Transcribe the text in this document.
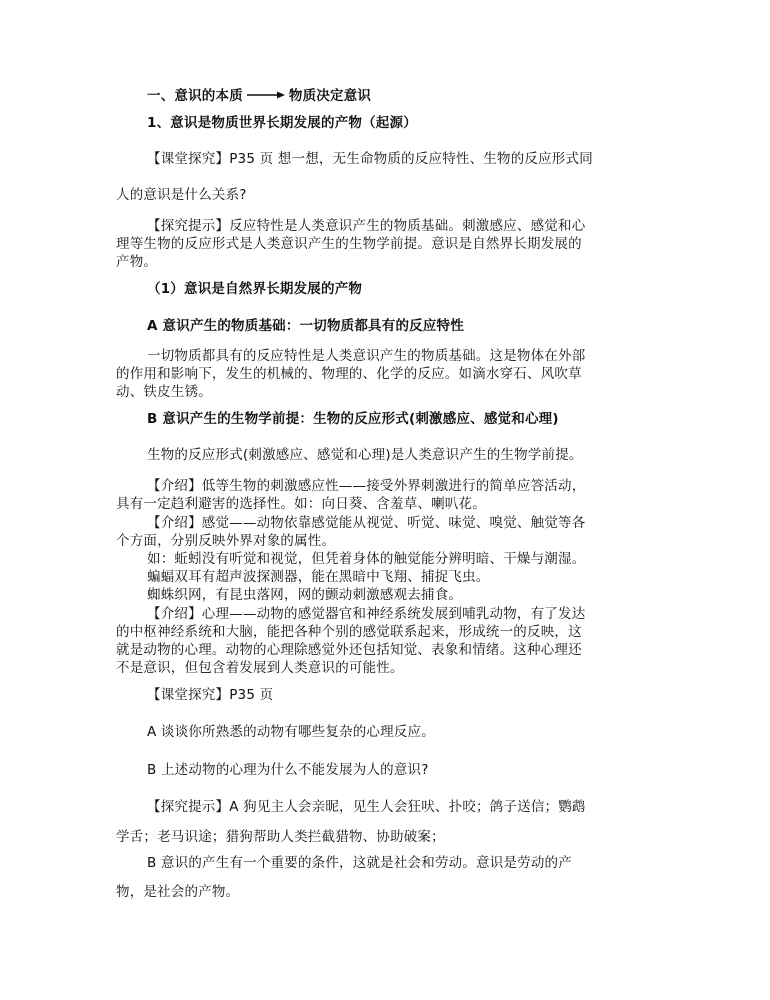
一、意识的本质	物质决定意识
1、意识是物质世界长期发展的产物（起源）
【课堂探究】P35 页 想一想，无生命物质的反应特性、生物的反应形式同
人的意识是什么关系?
【探究提示】反应特性是人类意识产生的物质基础。刺激感应、感觉和心
理等生物的反应形式是人类意识产生的生物学前提。意识是自然界长期发展的
产物。
（1）意识是自然界长期发展的产物
A 意识产生的物质基础：一切物质都具有的反应特性
一切物质都具有的反应特性是人类意识产生的物质基础。这是物体在外部
的作用和影响下，发生的机械的、物理的、化学的反应。如滴水穿石、风吹草
动、铁皮生锈。
B 意识产生的生物学前提：生物的反应形式(刺激感应、感觉和心理)
生物的反应形式(刺激感应、感觉和心理)是人类意识产生的生物学前提。
【介绍】低等生物的刺激感应性——接受外界刺激进行的简单应答活动，
具有一定趋利避害的选择性。如：向日葵、含羞草、喇叭花。
【介绍】感觉——动物依靠感觉能从视觉、听觉、味觉、嗅觉、触觉等各
个方面，分别反映外界对象的属性。
如：蚯蚓没有听觉和视觉，但凭着身体的触觉能分辨明暗、干燥与潮湿。
蝙蝠双耳有超声波探测器，能在黑暗中飞翔、捕捉飞虫。
蜘蛛织网，有昆虫落网，网的颤动刺激感观去捕食。
【介绍】心理——动物的感觉器官和神经系统发展到哺乳动物，有了发达
的中枢神经系统和大脑，能把各种个别的感觉联系起来，形成统一的反映，这
就是动物的心理。动物的心理除感觉外还包括知觉、表象和情绪。这种心理还
不是意识，但包含着发展到人类意识的可能性。
【课堂探究】P35 页
A 谈谈你所熟悉的动物有哪些复杂的心理反应。
B 上述动物的心理为什么不能发展为人的意识?
【探究提示】A 狗见主人会亲昵，见生人会狂吠、扑咬；鸽子送信；鹦鹉
学舌；老马识途；猎狗帮助人类拦截猎物、协助破案；
B 意识的产生有一个重要的条件，这就是社会和劳动。意识是劳动的产
物，是社会的产物。
